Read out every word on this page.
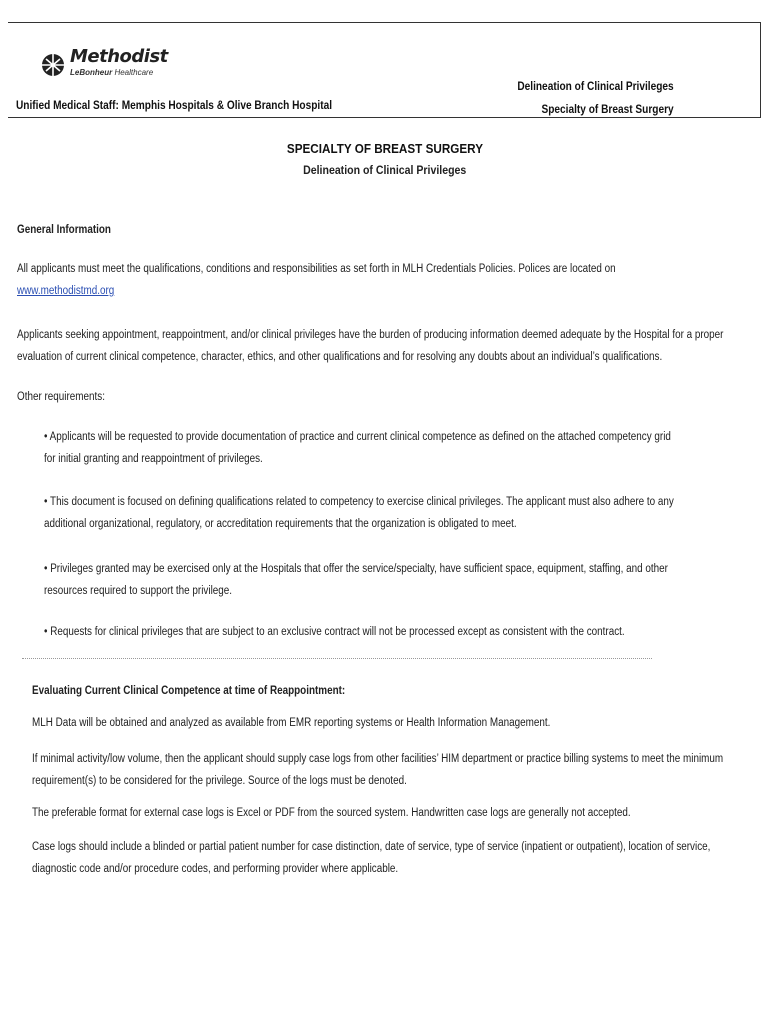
Methodist
LeBonheur Healthcare
Unified Medical Staff: Memphis Hospitals & Olive Branch Hospital
Delineation of Clinical Privileges
Specialty of Breast Surgery
SPECIALTY OF BREAST SURGERY
Delineation of Clinical Privileges
General Information
All applicants must meet the qualifications, conditions and responsibilities as set forth in MLH Credentials Policies. Polices are located on
www.methodistmd.org
Applicants seeking appointment, reappointment, and/or clinical privileges have the burden of producing information deemed adequate by the Hospital for a proper
evaluation of current clinical competence, character, ethics, and other qualifications and for resolving any doubts about an individual’s qualifications.
Other requirements:
• Applicants will be requested to provide documentation of practice and current clinical competence as defined on the attached competency grid
for initial granting and reappointment of privileges.
• This document is focused on defining qualifications related to competency to exercise clinical privileges. The applicant must also adhere to any
additional organizational, regulatory, or accreditation requirements that the organization is obligated to meet.
• Privileges granted may be exercised only at the Hospitals that offer the service/specialty, have sufficient space, equipment, staffing, and other
resources required to support the privilege.
• Requests for clinical privileges that are subject to an exclusive contract will not be processed except as consistent with the contract.
Evaluating Current Clinical Competence at time of Reappointment:
MLH Data will be obtained and analyzed as available from EMR reporting systems or Health Information Management.
If minimal activity/low volume, then the applicant should supply case logs from other facilities’ HIM department or practice billing systems to meet the minimum
requirement(s) to be considered for the privilege. Source of the logs must be denoted.
The preferable format for external case logs is Excel or PDF from the sourced system. Handwritten case logs are generally not accepted.
Case logs should include a blinded or partial patient number for case distinction, date of service, type of service (inpatient or outpatient), location of service,
diagnostic code and/or procedure codes, and performing provider where applicable.
